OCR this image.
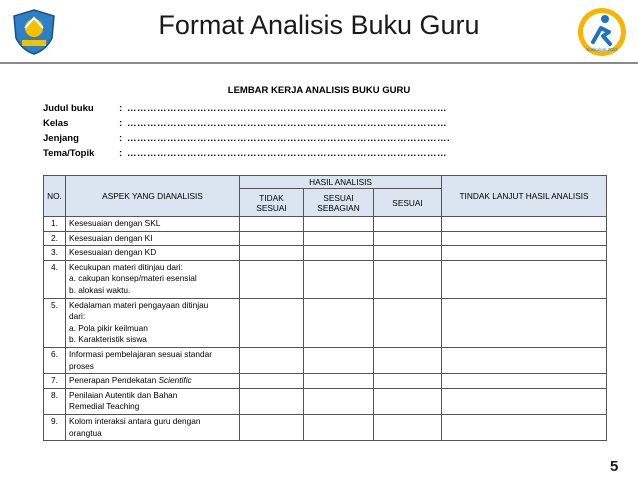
Format Analisis Buku Guru
Kurikulum 2013
LEMBAR KERJA ANALISIS BUKU GURU
Judul buku	: ……………………………………………………………………………………
Kelas	: ……………………………………………………………………………………
Jenjang	: …………………………………………………………………………………….
Tema/Topik	: ……………………………………………………………………………………
NO.	ASPEK YANG DIANALISIS	HASIL ANALISIS			TINDAK LANJUT HASIL ANALISIS
		TIDAK SESUAI	SESUAI SEBAGIAN	SESUAI	
1.	Kesesuaian dengan SKL				

2.	Kesesuaian dengan KI				

3.	Kesesuaian dengan KD				

4.	Kecukupan materi ditinjau dari:
a. cakupan konsep/materi esensial
b. alokasi waktu.				

5.	Kedalaman materi pengayaan ditinjau
dari:
a. Pola pikir keilmuan
b. Karakteristik siswa				

6.	Informasi pembelajaran sesuai standar
proses				

7.	Penerapan Pendekatan Scientific				

8.	Penilaian Autentik dan Bahan
Remedial Teaching				

9.	Kolom interaksi antara guru dengan
orangtua				

5
